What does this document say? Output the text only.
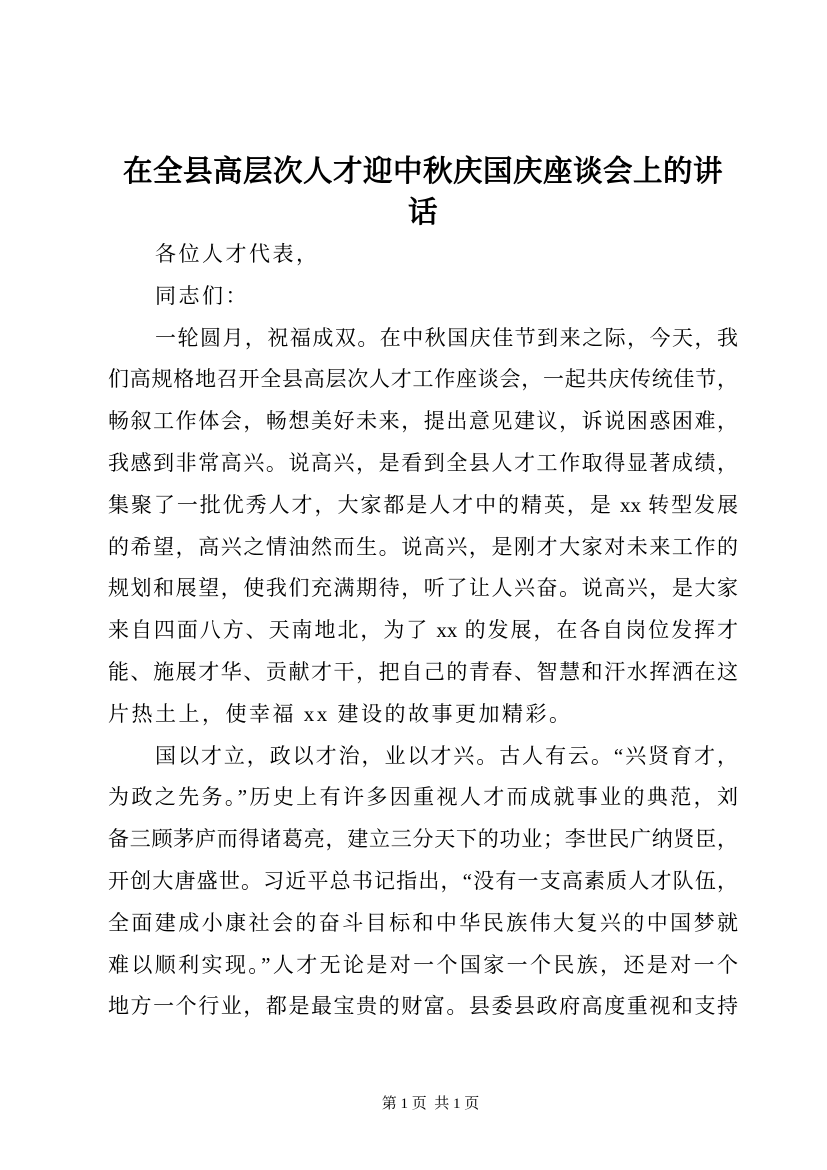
在全县高层次人才迎中秋庆国庆座谈会上的讲
话
各位人才代表，
同志们：
一轮圆月，祝福成双。在中秋国庆佳节到来之际，今天，我
们高规格地召开全县高层次人才工作座谈会，一起共庆传统佳节，
畅叙工作体会，畅想美好未来，提出意见建议，诉说困惑困难，
我感到非常高兴。说高兴，是看到全县人才工作取得显著成绩，
集聚了一批优秀人才，大家都是人才中的精英，是 xx 转型发展
的希望，高兴之情油然而生。说高兴，是刚才大家对未来工作的
规划和展望，使我们充满期待，听了让人兴奋。说高兴，是大家
来自四面八方、天南地北，为了 xx 的发展，在各自岗位发挥才
能、施展才华、贡献才干，把自己的青春、智慧和汗水挥洒在这
片热土上，使幸福 xx 建设的故事更加精彩。
国以才立，政以才治，业以才兴。古人有云。“兴贤育才，
为政之先务。”历史上有许多因重视人才而成就事业的典范，刘
备三顾茅庐而得诸葛亮，建立三分天下的功业；李世民广纳贤臣，
开创大唐盛世。习近平总书记指出，“没有一支高素质人才队伍，
全面建成小康社会的奋斗目标和中华民族伟大复兴的中国梦就
难以顺利实现。”人才无论是对一个国家一个民族，还是对一个
地方一个行业，都是最宝贵的财富。县委县政府高度重视和支持

第 1 页  共 1 页
